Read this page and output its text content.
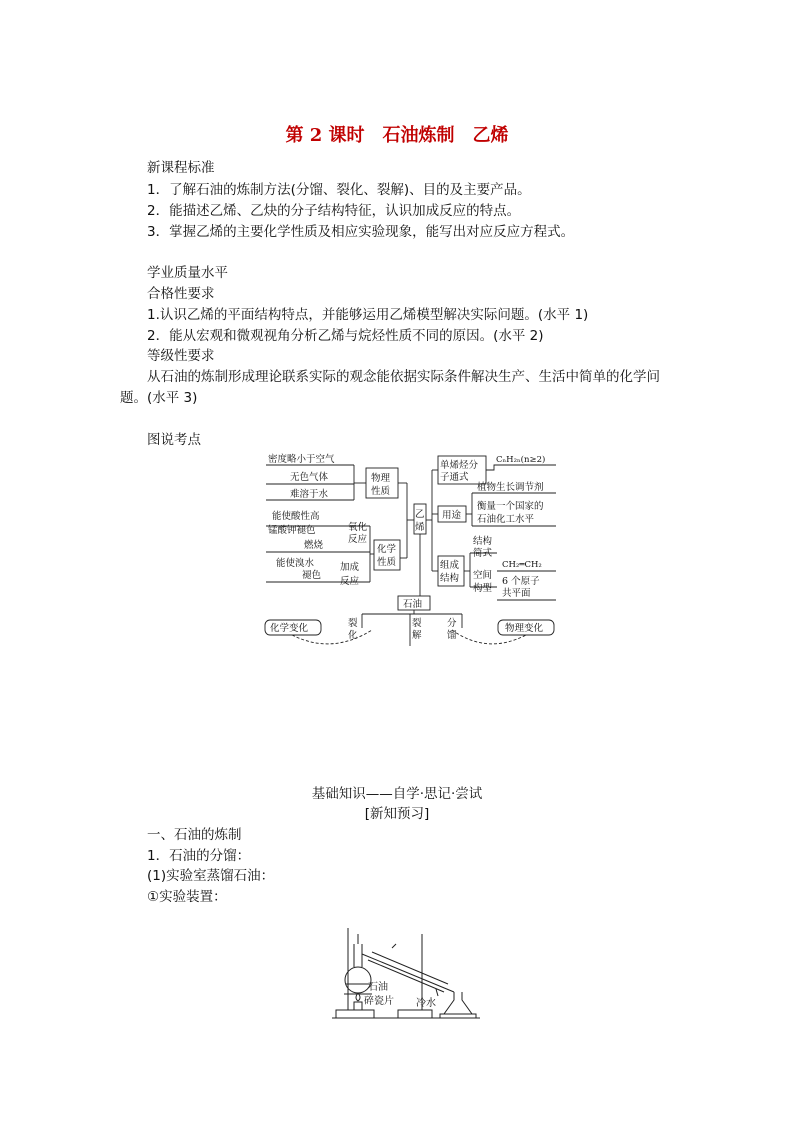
第 2 课时　石油炼制　乙烯
新课程标准
1．了解石油的炼制方法(分馏、裂化、裂解)、目的及主要产品。
2．能描述乙烯、乙炔的分子结构特征，认识加成反应的特点。
3．掌握乙烯的主要化学性质及相应实验现象，能写出对应反应方程式。
学业质量水平
合格性要求
1.认识乙烯的平面结构特点，并能够运用乙烯模型解决实际问题。(水平 1)
2．能从宏观和微观视角分析乙烯与烷烃性质不同的原因。(水平 2)
等级性要求
从石油的炼制形成理论联系实际的观念能依据实际条件解决生产、生活中简单的化学问题。(水平 3)
图说考点
密度略小于空气
无色气体
难溶于水
物理
性质
能使酸性高
锰酸钾褪色	氧化
反应
燃烧
能使溴水
褪色
加成
反应
化学
性质
乙
烯
单烯烃分
子通式
CₙH₂ₙ(n≥2)
用途
植物生长调节剂
衡量一个国家的
石油化工水平
组成
结构
结构
简式
CH₂═CH₂
空间
构型
6 个原子
共平面
石油
裂
化
裂
解
分
馏
化学变化	物理变化
基础知识——自学·思记·尝试
[新知预习]
一、石油的炼制
1．石油的分馏：
(1)实验室蒸馏石油：
①实验装置：
石油
碎瓷片 冷水
